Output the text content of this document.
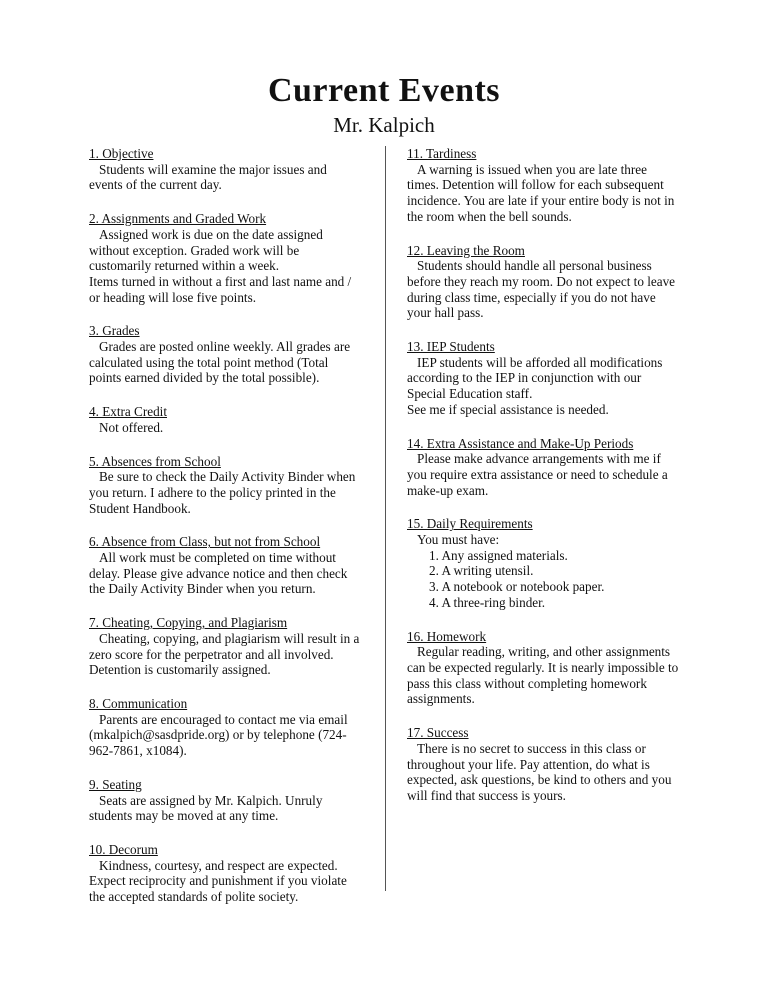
Current Events
Mr. Kalpich
1. Objective
Students will examine the major issues and events of the current day.
2. Assignments and Graded Work
Assigned work is due on the date assigned without exception. Graded work will be customarily returned within a week.
Items turned in without a first and last name and / or heading will lose five points.
3. Grades
Grades are posted online weekly. All grades are calculated using the total point method (Total points earned divided by the total possible).
4. Extra Credit
Not offered.
5. Absences from School
Be sure to check the Daily Activity Binder when you return. I adhere to the policy printed in the Student Handbook.
6. Absence from Class, but not from School
All work must be completed on time without delay. Please give advance notice and then check the Daily Activity Binder when you return.
7. Cheating, Copying, and Plagiarism
Cheating, copying, and plagiarism will result in a zero score for the perpetrator and all involved. Detention is customarily assigned.
8. Communication
Parents are encouraged to contact me via email (mkalpich@sasdpride.org) or by telephone (724-962-7861, x1084).
9. Seating
Seats are assigned by Mr. Kalpich. Unruly students may be moved at any time.
10. Decorum
Kindness, courtesy, and respect are expected. Expect reciprocity and punishment if you violate the accepted standards of polite society.
11. Tardiness
A warning is issued when you are late three times. Detention will follow for each subsequent incidence. You are late if your entire body is not in the room when the bell sounds.
12. Leaving the Room
Students should handle all personal business before they reach my room. Do not expect to leave during class time, especially if you do not have your hall pass.
13. IEP Students
IEP students will be afforded all modifications according to the IEP in conjunction with our Special Education staff.
See me if special assistance is needed.
14. Extra Assistance and Make-Up Periods
Please make advance arrangements with me if you require extra assistance or need to schedule a make-up exam.
15. Daily Requirements
You must have:
1. Any assigned materials.
2. A writing utensil.
3. A notebook or notebook paper.
4. A three-ring binder.
16. Homework
Regular reading, writing, and other assignments can be expected regularly. It is nearly impossible to pass this class without completing homework assignments.
17. Success
There is no secret to success in this class or throughout your life. Pay attention, do what is expected, ask questions, be kind to others and you will find that success is yours.
